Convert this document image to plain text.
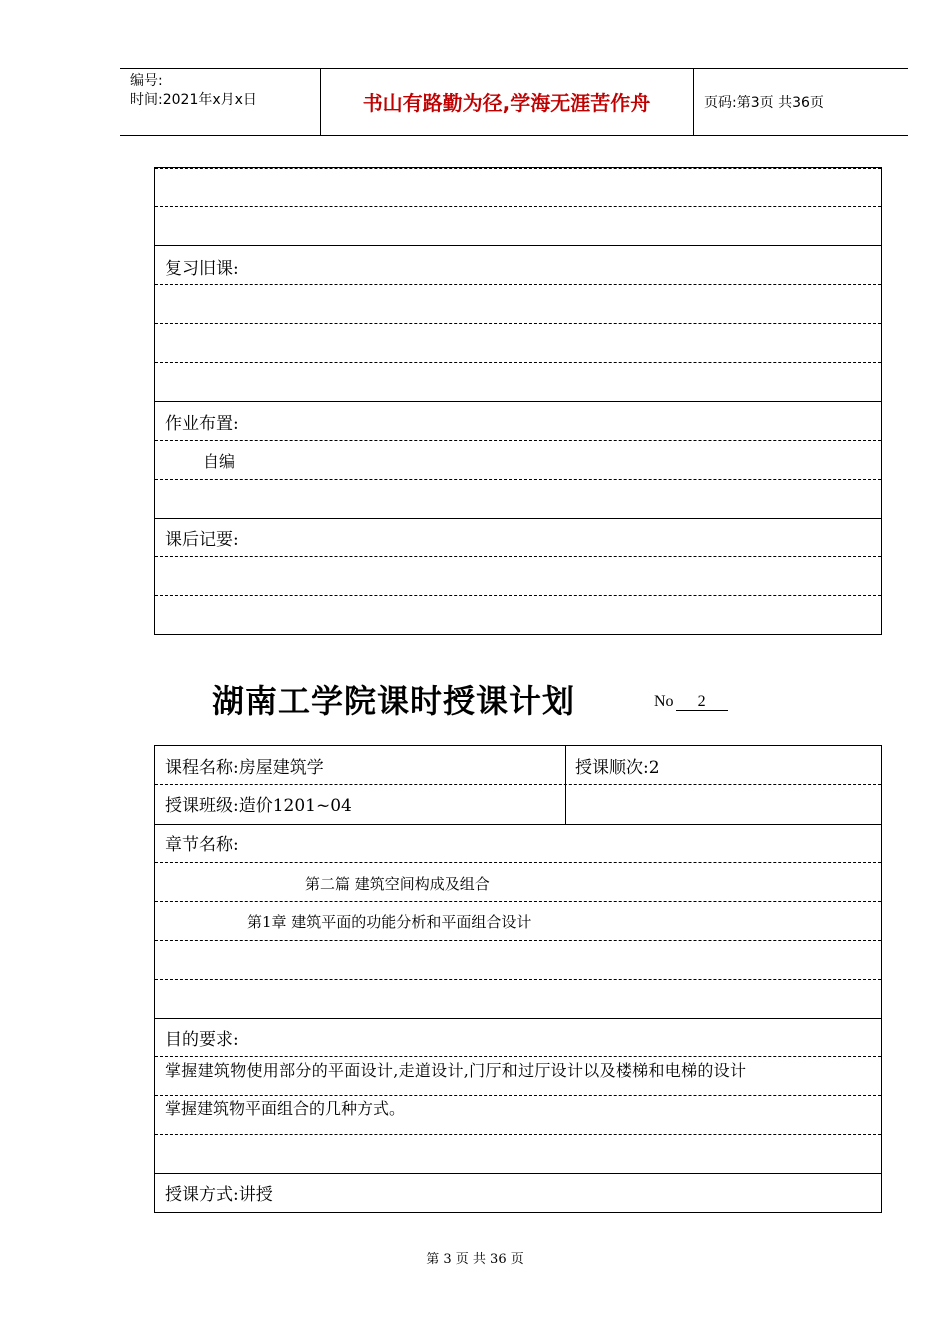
编号:
时间:2021年x月x日	书山有路勤为径,学海无涯苦作舟	页码:第3页 共36页
复习旧课:
作业布置:
自编
课后记要:
湖南工学院课时授课计划	No 2
课程名称:房屋建筑学	授课顺次:2
授课班级:造价1201~04
章节名称:
第二篇 建筑空间构成及组合
第1章 建筑平面的功能分析和平面组合设计
目的要求:
掌握建筑物使用部分的平面设计,走道设计,门厅和过厅设计以及楼梯和电梯的设计
掌握建筑物平面组合的几种方式。
授课方式:讲授
第 3 页 共 36 页
